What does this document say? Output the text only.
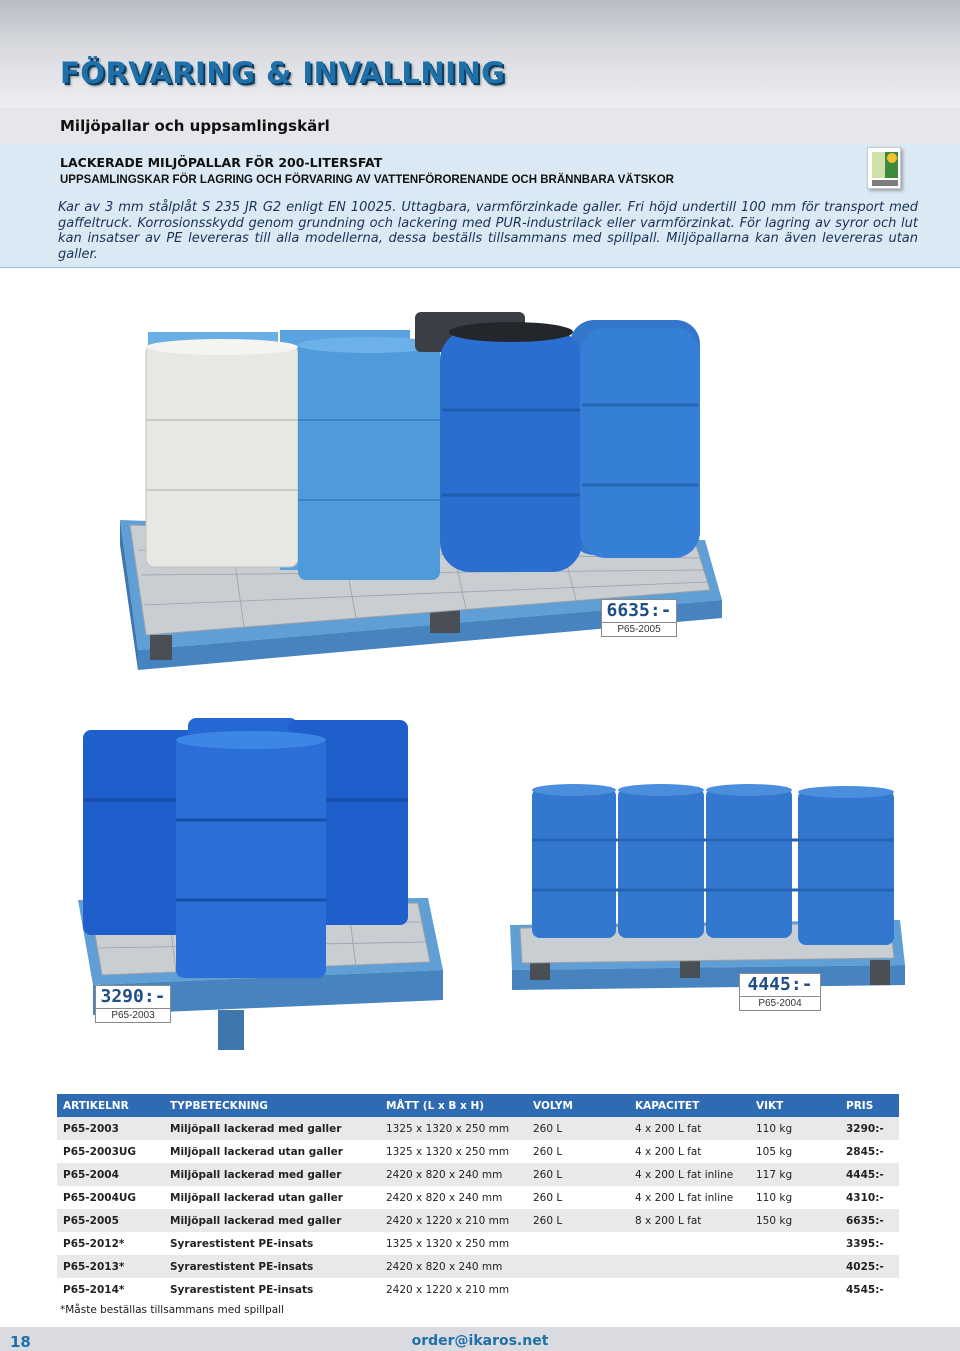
FÖRVARING & INVALLNING
Miljöpallar och uppsamlingskärl
LACKERADE MILJÖPALLAR FÖR 200-LITERSFAT
UPPSAMLINGSKAR FÖR LAGRING OCH FÖRVARING AV VATTENFÖRORENANDE OCH BRÄNNBARA VÄTSKOR
Kar av 3 mm stålplåt S 235 JR G2 enligt EN 10025. Uttagbara, varmförzinkade galler. Fri höjd undertill 100 mm för transport med gaffeltruck. Korrosionsskydd genom grundning och lackering med PUR-industrilack eller varmförzinkat. För lagring av syror och lut kan insatser av PE levereras till alla modellerna, dessa beställs tillsammans med spillpall. Miljöpallarna kan även levereras utan galler.
6635:-
P65-2005
3290:-
P65-2003
4445:-
P65-2004
ARTIKELNR	TYPBETECKNING	MÅTT (L x B x H)	VOLYM	KAPACITET	VIKT	PRIS
P65-2003	Miljöpall lackerad med galler	1325 x 1320 x 250 mm	260 L	4 x 200 L fat	110 kg	3290:-
P65-2003UG	Miljöpall lackerad utan galler	1325 x 1320 x 250 mm	260 L	4 x 200 L fat	105 kg	2845:-
P65-2004	Miljöpall lackerad med galler	2420 x 820 x 240 mm	260 L	4 x 200 L fat inline	117 kg	4445:-
P65-2004UG	Miljöpall lackerad utan galler	2420 x 820 x 240 mm	260 L	4 x 200 L fat inline	110 kg	4310:-
P65-2005	Miljöpall lackerad med galler	2420 x 1220 x 210 mm	260 L	8 x 200 L fat	150 kg	6635:-
P65-2012*	Syrarestistent PE-insats	1325 x 1320 x 250 mm				3395:-
P65-2013*	Syrarestistent PE-insats	2420 x 820 x 240 mm				4025:-
P65-2014*	Syrarestistent PE-insats	2420 x 1220 x 210 mm				4545:-
*Måste beställas tillsammans med spillpall
18	order@ikaros.net
